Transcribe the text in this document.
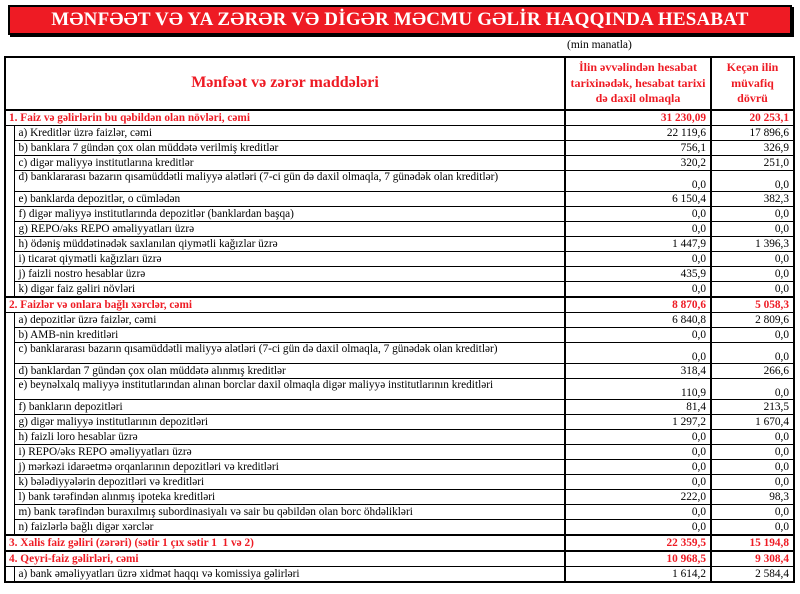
MƏNFƏƏT VƏ YA ZƏRƏR VƏ DİGƏR MƏCMU GƏLİR HAQQINDA HESABAT
(min manatla)
Mənfəət və zərər maddələri		İlin əvvəlindən hesabat tarixinədək, hesabat tarixi də daxil olmaqla	Keçən ilin müvafiq dövrü
1. Faiz və gəlirlərin bu qəbildən olan növləri, cəmi		31 230,09	20 253,1
	a) Kreditlər üzrə faizlər, cəmi	22 119,6	17 896,6
	b) banklara 7 gündən çox olan müddətə verilmiş kreditlər	756,1	326,9
	c) digər maliyyə institutlarına kreditlər	320,2	251,0
	d) banklararası bazarın qısamüddətli maliyyə alətləri (7-ci gün də daxil olmaqla, 7 günədək olan kreditlər)	0,0	0,0
	e) banklarda depozitlər, o cümlədən	6 150,4	382,3
	f) digər maliyyə institutlarında depozitlər (banklardan başqa)	0,0	0,0
	g) REPO/əks REPO əməliyyatları üzrə	0,0	0,0
	h) ödəniş müddətinədək saxlanılan qiymətli kağızlar üzrə	1 447,9	1 396,3
	i) ticarət qiymətli kağızları üzrə	0,0	0,0
	j) faizli nostro hesablar üzrə	435,9	0,0
	k) digər faiz gəliri növləri	0,0	0,0
2. Faizlər və onlara bağlı xərclər, cəmi		8 870,6	5 058,3
	a) depozitlər üzrə faizlər, cəmi	6 840,8	2 809,6
	b) AMB-nin kreditləri	0,0	0,0
	c) banklararası bazarın qısamüddətli maliyyə alətləri (7-ci gün də daxil olmaqla, 7 günədək olan kreditlər)	0,0	0,0
	d) banklardan 7 gündən çox olan müddətə alınmış kreditlər	318,4	266,6
	e) beynəlxalq maliyyə institutlarından alınan borclar daxil olmaqla digər maliyyə institutlarının kreditləri	110,9	0,0
	f) bankların depozitləri	81,4	213,5
	g) digər maliyyə institutlarının depozitləri	1 297,2	1 670,4
	h) faizli loro hesablar üzrə	0,0	0,0
	i) REPO/əks REPO əməliyyatları üzrə	0,0	0,0
	j) mərkəzi idarəetmə orqanlarının depozitləri və kreditləri	0,0	0,0
	k) bələdiyyələrin depozitləri və kreditləri	0,0	0,0
	l) bank tərəfindən alınmış ipoteka kreditləri	222,0	98,3
	m) bank tərəfindən buraxılmış subordinasiyalı və sair bu qəbildən olan borc öhdəlikləri	0,0	0,0
	n) faizlərlə bağlı digər xərclər	0,0	0,0
3. Xalis faiz gəliri (zərəri) (sətir 1 çıx sətir 1  1 və 2)		22 359,5	15 194,8
4. Qeyri-faiz gəlirləri, cəmi		10 968,5	9 308,4
	a) bank əməliyyatları üzrə xidmət haqqı və komissiya gəlirləri	1 614,2	2 584,4
